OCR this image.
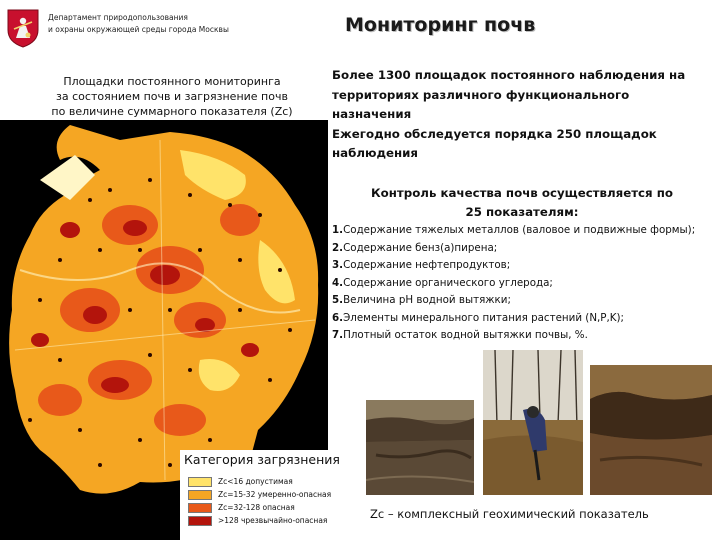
Департамент природопользования
и охраны окружающей среды города Москвы	Мониторинг почв
Площадки постоянного мониторинга
за состоянием почв и загрязнение почв
по величине суммарного показателя (Zc)
Категория загрязнения
Zc<16 допустимая
Zc=15-32 умеренно-опасная
Zc=32-128 опасная
>128 чрезвычайно-опасная
Более 1300 площадок постоянного наблюдения на
территориях различного функционального
назначения
Ежегодно обследуется порядка 250 площадок
наблюдения
Контроль качества почв осуществляется по
25 показателям:
1.Содержание тяжелых металлов (валовое и подвижные формы);
2.Содержание бенз(а)пирена;
3.Содержание нефтепродуктов;
4.Содержание органического углерода;
5.Величина pH водной вытяжки;
6.Элементы минерального питания растений (N,P,K);
7.Плотный остаток водной вытяжки почвы, %.
Zc – комплексный геохимический показатель
